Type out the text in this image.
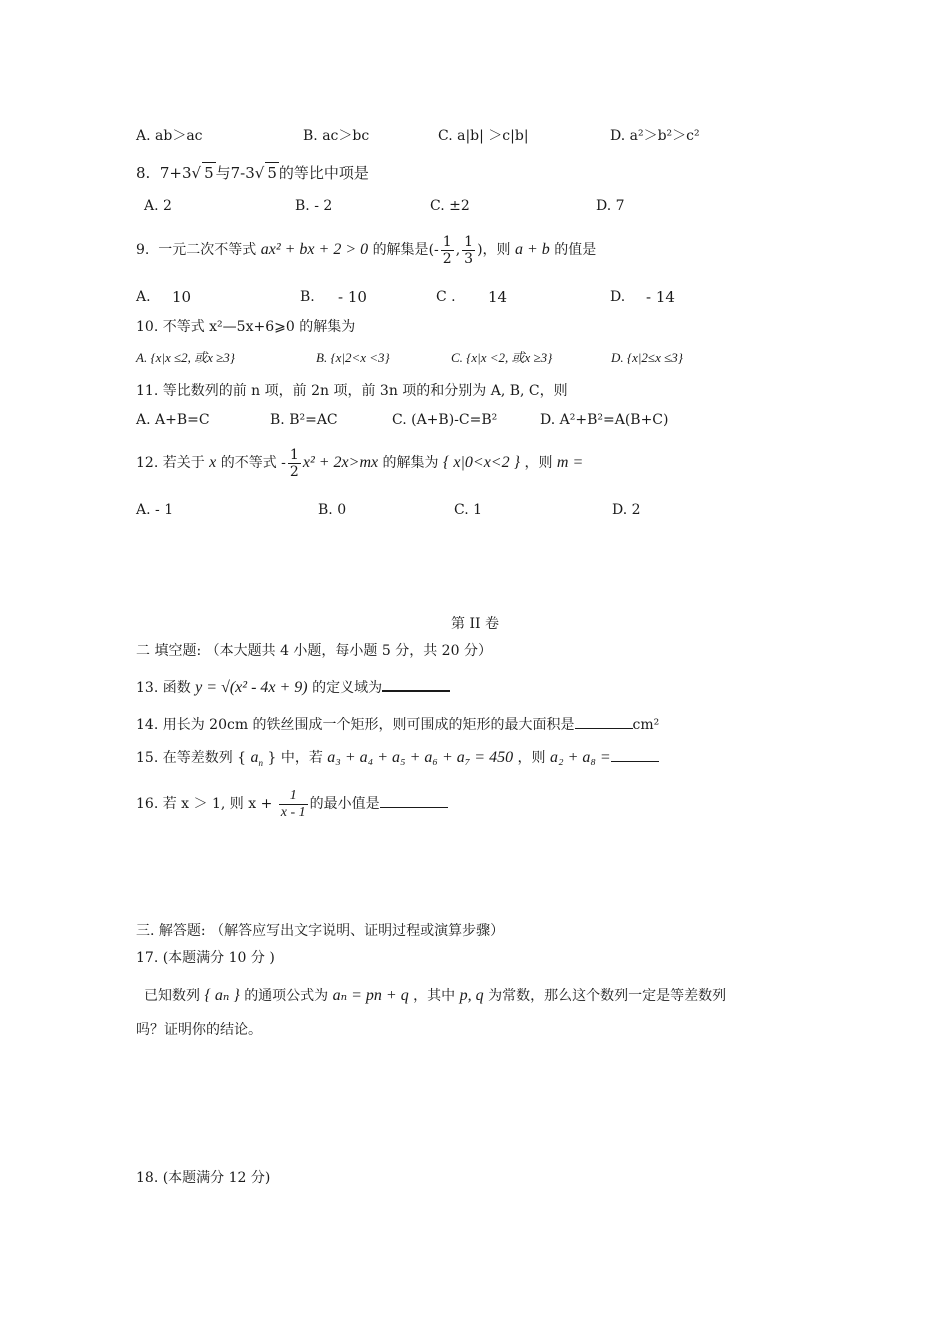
A. ab＞ac	B. ac＞bc	C. a|b| ＞c|b|	D. a²＞b²＞c²
8. 7+3√ 5 与7-3√ 5 的等比中项是
A. 2	B. - 2	C. ±2	D. 7
9. 一元二次不等式 ax² + bx + 2 > 0 的解集是(- $\frac{1}{2}$ , $\frac{1}{3}$ )，则 a + b 的值是
A. 10	B. - 10	C . 14	D. - 14
10. 不等式 x²—5x+6⩾0 的解集为
A. {x|x ≤2, 或x ≥3}	B. {x|2<x <3}	C. {x|x <2, 或x ≥3}	D. {x|2≤x ≤3}
11. 等比数列的前 n 项，前 2n 项，前 3n 项的和分别为 A, B, C，则
A. A+B=C	B. B²=AC	C. (A+B)-C=B²	D. A²+B²=A(B+C)
12. 若关于 x 的不等式 - $\frac{1}{2} x^2 + 2x>mx$ 的解集为 { x|0<x<2 } ，则 m =
A. - 1	B. 0	C. 1	D. 2
第 II 卷
二 填空题: （本大题共 4 小题，每小题 5 分，共 20 分）
13. 函数 y = √(x² - 4x + 9) 的定义域为
14. 用长为 20cm 的铁丝围成一个矩形，则可围成的矩形的最大面积是	cm²
15. 在等差数列 { $a_n$ } 中，若 a₃ + a₄ + a₅ + a₆ + a₇ = 450 ，则 a₂ + a₈ =
16. 若 x ＞ 1, 则 $x + \frac{1}{x - 1}$ 的最小值是
三. 解答题: （解答应写出文字说明、证明过程或演算步骤）
17. (本题满分 10 分 )
已知数列 { aₙ } 的通项公式为 aₙ = pn + q ，其中 p, q 为常数，那么这个数列一定是等差数列
吗？证明你的结论。
18. (本题满分 12 分)
